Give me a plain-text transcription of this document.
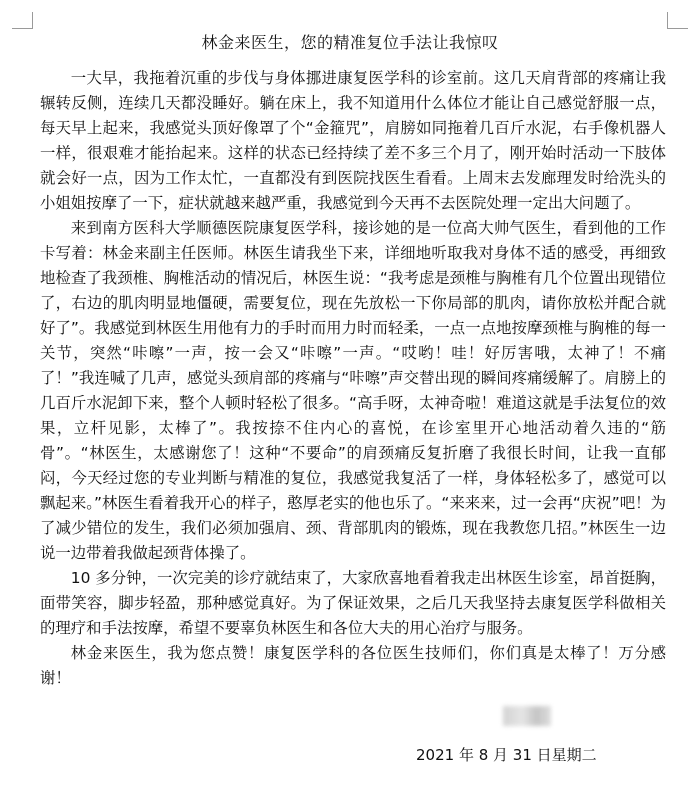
林金来医生，您的精准复位手法让我惊叹

一大早，我拖着沉重的步伐与身体挪进康复医学科的诊室前。这几天肩背部的疼痛让我辗转反侧，连续几天都没睡好。躺在床上，我不知道用什么体位才能让自己感觉舒服一点，每天早上起来，我感觉头顶好像罩了个“金箍咒”，肩膀如同拖着几百斤水泥，右手像机器人一样，很艰难才能抬起来。这样的状态已经持续了差不多三个月了，刚开始时活动一下肢体就会好一点，因为工作太忙，一直都没有到医院找医生看看。上周末去发廊理发时给洗头的小姐姐按摩了一下，症状就越来越严重，我感觉到今天再不去医院处理一定出大问题了。

来到南方医科大学顺德医院康复医学科，接诊她的是一位高大帅气医生，看到他的工作卡写着：林金来副主任医师。林医生请我坐下来，详细地听取我对身体不适的感受，再细致地检查了我颈椎、胸椎活动的情况后，林医生说：“我考虑是颈椎与胸椎有几个位置出现错位了，右边的肌肉明显地僵硬，需要复位，现在先放松一下你局部的肌肉，请你放松并配合就好了”。我感觉到林医生用他有力的手时而用力时而轻柔，一点一点地按摩颈椎与胸椎的每一关节，突然“咔嚓”一声，按一会又“咔嚓”一声。“哎哟！哇！好厉害哦，太神了！不痛了！”我连喊了几声，感觉头颈肩部的疼痛与“咔嚓”声交替出现的瞬间疼痛缓解了。肩膀上的几百斤水泥卸下来，整个人顿时轻松了很多。“高手呀，太神奇啦！难道这就是手法复位的效果，立杆见影，太棒了”。我按捺不住内心的喜悦，在诊室里开心地活动着久违的“筋骨”。“林医生，太感谢您了！这种“不要命”的肩颈痛反复折磨了我很长时间，让我一直郁闷，今天经过您的专业判断与精准的复位，我感觉我复活了一样，身体轻松多了，感觉可以飘起来。”林医生看着我开心的样子，憨厚老实的他也乐了。“来来来，过一会再“庆祝”吧！为了减少错位的发生，我们必须加强肩、颈、背部肌肉的锻炼，现在我教您几招。”林医生一边说一边带着我做起颈背体操了。

10 多分钟，一次完美的诊疗就结束了，大家欣喜地看着我走出林医生诊室，昂首挺胸，面带笑容，脚步轻盈，那种感觉真好。为了保证效果，之后几天我坚持去康复医学科做相关的理疗和手法按摩，希望不要辜负林医生和各位大夫的用心治疗与服务。

林金来医生，我为您点赞！康复医学科的各位医生技师们，你们真是太棒了！万分感谢！

2021 年 8 月 31 日星期二
